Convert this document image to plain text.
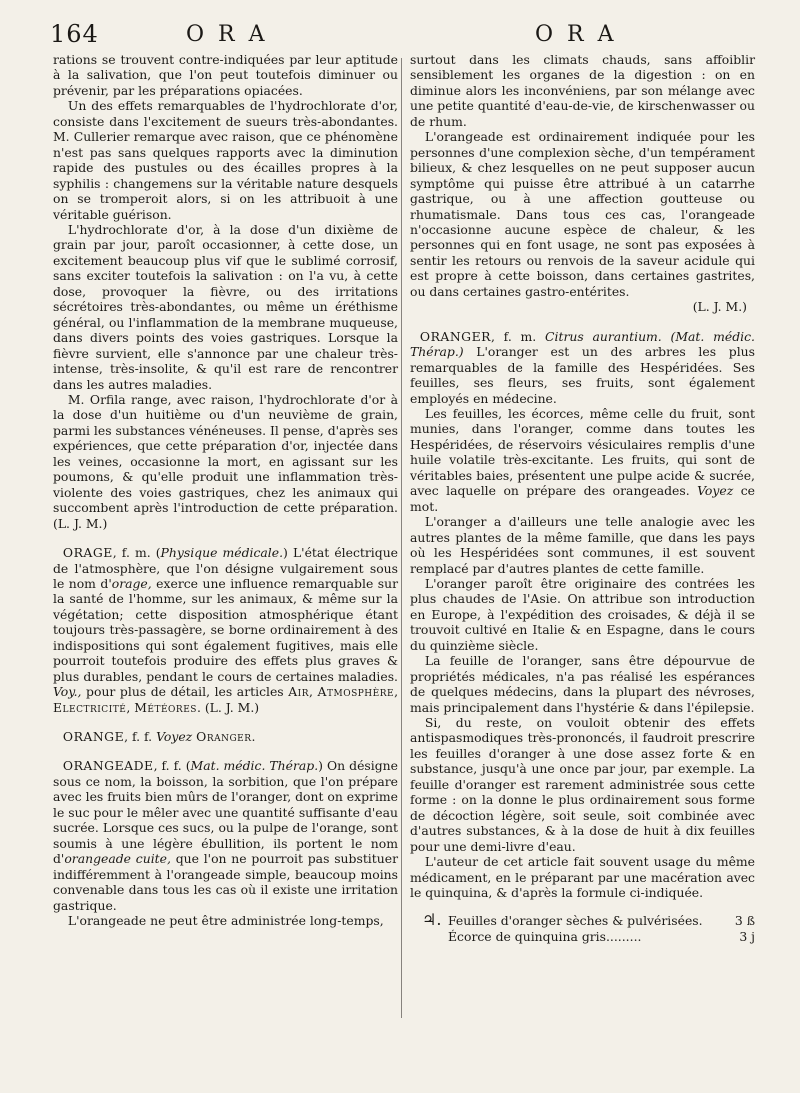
164	ORA	ORA

rations se trouvent contre-indiquées par leur aptitude à la salivation, que l'on peut toutefois diminuer ou prévenir, par les préparations opiacées.

Un des effets remarquables de l'hydrochlorate d'or, consiste dans l'excitement de sueurs très-abondantes. M. Cullerier remarque avec raison, que ce phénomène n'est pas sans quelques rapports avec la diminution rapide des pustules ou des écailles propres à la syphilis : changemens sur la véritable nature desquels on se tromperoit alors, si on les attribuoit à une véritable guérison.

L'hydrochlorate d'or, à la dose d'un dixième de grain par jour, paroît occasionner, à cette dose, un excitement beaucoup plus vif que le sublimé corrosif, sans exciter toutefois la salivation : on l'a vu, à cette dose, provoquer la fièvre, ou des irritations sécrétoires très-abondantes, ou même un éréthisme général, ou l'inflammation de la membrane muqueuse, dans divers points des voies gastriques. Lorsque la fièvre survient, elle s'annonce par une chaleur très-intense, très-insolite, & qu'il est rare de rencontrer dans les autres maladies.

M. Orfila range, avec raison, l'hydrochlorate d'or à la dose d'un huitième ou d'un neuvième de grain, parmi les substances vénéneuses. Il pense, d'après ses expériences, que cette préparation d'or, injectée dans les veines, occasionne la mort, en agissant sur les poumons, & qu'elle produit une inflammation très-violente des voies gastriques, chez les animaux qui succombent après l'introduction de cette préparation. (L. J. M.)

ORAGE, f. m. (Physique médicale.) L'état électrique de l'atmosphère, que l'on désigne vulgairement sous le nom d'orage, exerce une influence remarquable sur la santé de l'homme, sur les animaux, & même sur la végétation; cette disposition atmosphérique étant toujours très-passagère, se borne ordinairement à des indispositions qui sont également fugitives, mais elle pourroit toutefois produire des effets plus graves & plus durables, pendant le cours de certaines maladies. Voy., pour plus de détail, les articles Air, Atmosphère, Electricité, Météores. (L. J. M.)

ORANGE, f. f. Voyez Oranger.

ORANGEADE, f. f. (Mat. médic. Thérap.) On désigne sous ce nom, la boisson, la sorbition, que l'on prépare avec les fruits bien mûrs de l'oranger, dont on exprime le suc pour le mêler avec une quantité suffisante d'eau sucrée. Lorsque ces sucs, ou la pulpe de l'orange, sont soumis à une légère ébullition, ils portent le nom d'orangeade cuite, que l'on ne pourroit pas substituer indifféremment à l'orangeade simple, beaucoup moins convenable dans tous les cas où il existe une irritation gastrique.

L'orangeade ne peut être administrée long-temps,

surtout dans les climats chauds, sans affoiblir sensiblement les organes de la digestion : on en diminue alors les inconvéniens, par son mélange avec une petite quantité d'eau-de-vie, de kirschenwasser ou de rhum.

L'orangeade est ordinairement indiquée pour les personnes d'une complexion sèche, d'un tempérament bilieux, & chez lesquelles on ne peut supposer aucun symptôme qui puisse être attribué à un catarrhe gastrique, ou à une affection goutteuse ou rhumatismale. Dans tous ces cas, l'orangeade n'occasionne aucune espèce de chaleur, & les personnes qui en font usage, ne sont pas exposées à sentir les retours ou renvois de la saveur acidule qui est propre à cette boisson, dans certaines gastrites, ou dans certaines gastro-entérites.

(L. J. M.)

ORANGER, f. m. Citrus aurantium. (Mat. médic. Thérap.) L'oranger est un des arbres les plus remarquables de la famille des Hespéridées. Ses feuilles, ses fleurs, ses fruits, sont également employés en médecine.

Les feuilles, les écorces, même celle du fruit, sont munies, dans l'oranger, comme dans toutes les Hespéridées, de réservoirs vésiculaires remplis d'une huile volatile très-excitante. Les fruits, qui sont de véritables baies, présentent une pulpe acide & sucrée, avec laquelle on prépare des orangeades. Voyez ce mot.

L'oranger a d'ailleurs une telle analogie avec les autres plantes de la même famille, que dans les pays où les Hespéridées sont communes, il est souvent remplacé par d'autres plantes de cette famille.

L'oranger paroît être originaire des contrées les plus chaudes de l'Asie. On attribue son introduction en Europe, à l'expédition des croisades, & déjà il se trouvoit cultivé en Italie & en Espagne, dans le cours du quinzième siècle.

La feuille de l'oranger, sans être dépourvue de propriétés médicales, n'a pas réalisé les espérances de quelques médecins, dans la plupart des névroses, mais principalement dans l'hystérie & dans l'épilepsie.

Si, du reste, on vouloit obtenir des effets antispasmodiques très-prononcés, il faudroit prescrire les feuilles d'oranger à une dose assez forte & en substance, jusqu'à une once par jour, par exemple. La feuille d'oranger est rarement administrée sous cette forme : on la donne le plus ordinairement sous forme de décoction légère, soit seule, soit combinée avec d'autres substances, & à la dose de huit à dix feuilles pour une demi-livre d'eau.

L'auteur de cet article fait souvent usage du même médicament, en le préparant par une macération avec le quinquina, & d'après la formule ci-indiquée.

♃. Feuilles d'oranger sèches & pulvérisées.	3 ß
Écorce de quinquina gris.........	3 j
